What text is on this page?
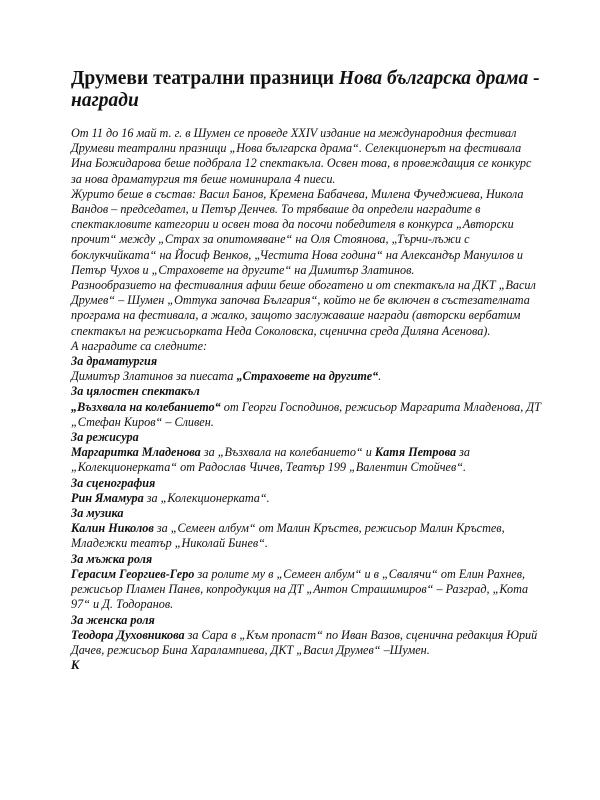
Друмеви театрални празници Нова българска драма - награди

От 11 до 16 май т. г. в Шумен се проведе XXIV издание на международния фестивал Друмеви театрални празници „Нова българска драма“. Селекционерът на фестивала Ина Божидарова беше подбрала 12 спектакъла. Освен това, в провеждащия се конкурс за нова драматургия тя беше номинирала 4 пиеси.

Журито беше в състав: Васил Банов, Кремена Бабачева, Милена Фучеджиева, Никола Вандов – председател, и Петър Денчев. То трябваше да определи наградите в спектакловите категории и освен това да посочи победителя в конкурса „Авторски прочит“ между „Страх за опитомяване“ на Оля Стоянова, „Търчи-лъжи с боклукчийката“ на Йосиф Венков, „Честита Нова година“ на Александър Мануилов и Петър Чухов и „Страховете на другите“ на Димитър Златинов.

Разнообразието на фестивалния афиш беше обогатено и от спектакъла на ДКТ „Васил Друмев“ – Шумен „Оттука започва България“, който не бе включен в състезателната програма на фестивала, а жалко, защото заслужаваше награди (авторски вербатим спектакъл на режисьорката Неда Соколовска, сценична среда Диляна Асенова).

А наградите са следните:

За драматургия

Димитър Златинов за пиесата „Страховете на другите“.

За цялостен спектакъл

„Възхвала на колебанието“ от Георги Господинов, режисьор Маргарита Младенова, ДТ „Стефан Киров“ – Сливен.

За режисура

Маргаритка Младенова за „Възхвала на колебанието“ и Катя Петрова за „Колекционерката“ от Радослав Чичев, Театър 199 „Валентин Стойчев“.

За сценография

Рин Ямамура за „Колекционерката“.

За музика

Калин Николов за „Семеен албум“ от Малин Кръстев, режисьор Малин Кръстев, Младежки театър „Николай Бинев“.

За мъжка роля

Герасим Георгиев-Геро за ролите му в „Семеен албум“ и в „Свалячи“ от Елин Рахнев, режисьор Пламен Панев, копродукция на ДТ „Антон Страшимиров“ – Разград, „Кота 97“ и Д. Тодоранов.

За женска роля

Теодора Духовникова за Сара в „Към пропаст“ по Иван Вазов, сценична редакция Юрий Дачев, режисьор Бина Харалампиева, ДКТ „Васил Друмев“ –Шумен.

К
